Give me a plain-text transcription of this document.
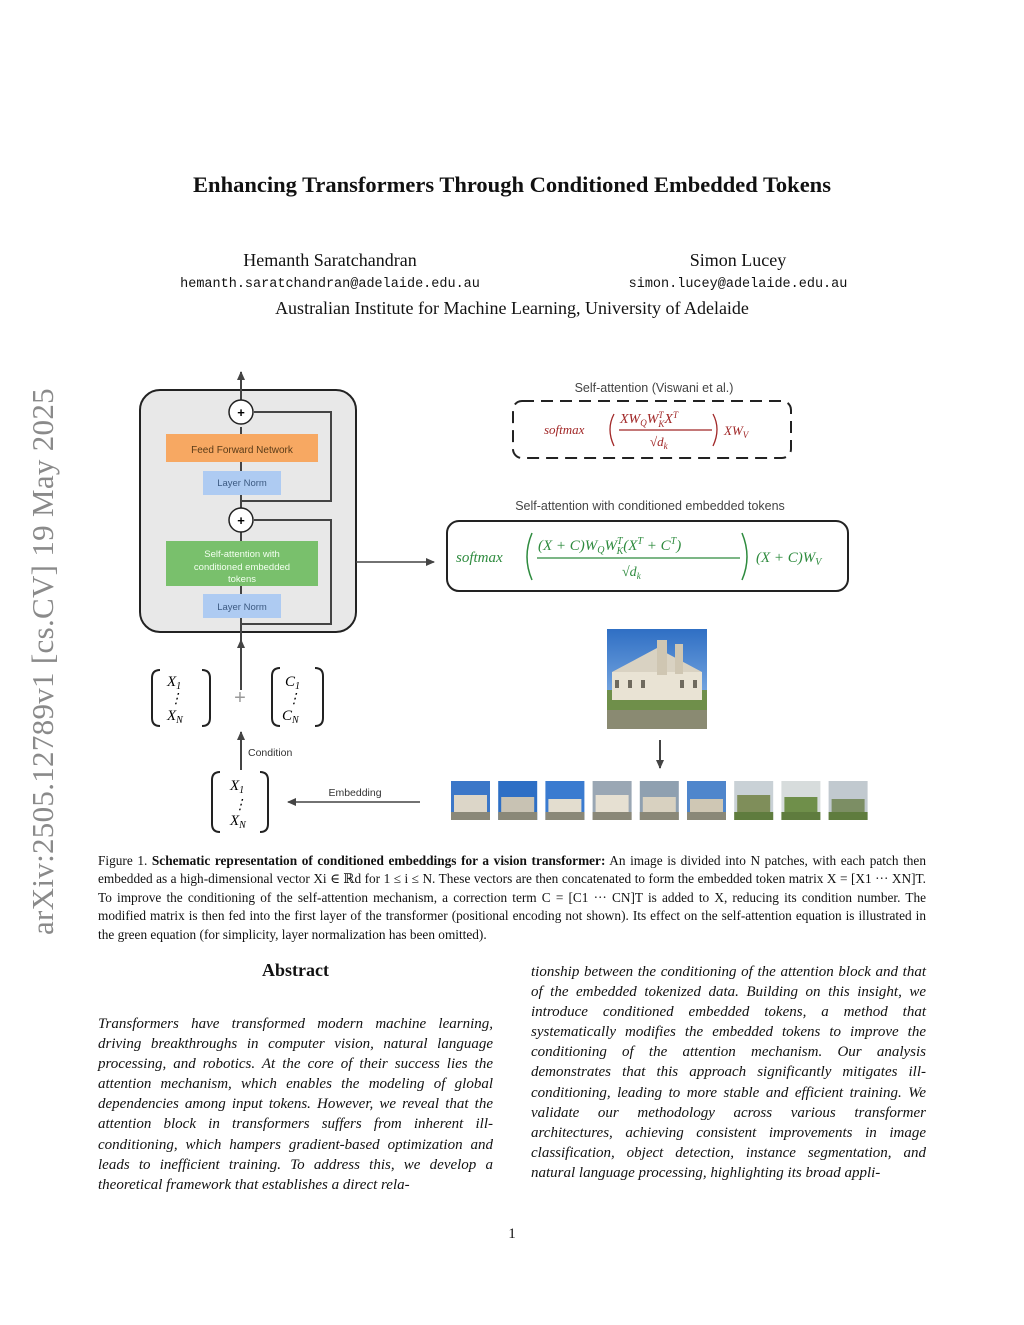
Enhancing Transformers Through Conditioned Embedded Tokens
Hemanth Saratchandran
hemanth.saratchandran@adelaide.edu.au
Simon Lucey
simon.lucey@adelaide.edu.au
Australian Institute for Machine Learning, University of Adelaide
arXiv:2505.12789v1 [cs.CV] 19 May 2025	+
+
Feed Forward Network
Layer Norm
Self-attention with
conditioned embedded
tokens
Layer Norm
$X_1$
⋮
$X_N$
+
$C_1$
⋮
$C_N$
Condition
$X_1$
⋮
$X_N$
Embedding
Self-attention (Viswani et al.)
softmax
$XW_QW^T$ $KX^T$
$√d_k$
$XW_V$
Self-attention with conditioned embedded tokens
softmax
$(X + C)W_QW^T$ $K(X^T + C^T)$
$√d_k$
$(X + C)W_V$
Figure 1. Schematic representation of conditioned embeddings for a vision transformer: An image is divided into N patches, with each patch then embedded as a high-dimensional vector Xi ∈ ℝd for 1 ≤ i ≤ N. These vectors are then concatenated to form the embedded token matrix X = [X1 ··· XN]T. To improve the conditioning of the self-attention mechanism, a correction term C = [C1 ··· CN]T is added to X, reducing its condition number. The modified matrix is then fed into the first layer of the transformer (positional encoding not shown). Its effect on the self-attention equation is illustrated in the green equation (for simplicity, layer normalization has been omitted).
Abstract
Transformers have transformed modern machine learning, driving breakthroughs in computer vision, natural language processing, and robotics. At the core of their success lies the attention mechanism, which enables the modeling of global dependencies among input tokens. However, we reveal that the attention block in transformers suffers from inherent ill-conditioning, which hampers gradient-based optimization and leads to inefficient training. To address this, we develop a theoretical framework that establishes a direct rela-
tionship between the conditioning of the attention block and that of the embedded tokenized data. Building on this insight, we introduce conditioned embedded tokens, a method that systematically modifies the embedded tokens to improve the conditioning of the attention mechanism. Our analysis demonstrates that this approach significantly mitigates ill-conditioning, leading to more stable and efficient training. We validate our methodology across various transformer architectures, achieving consistent improvements in image classification, object detection, instance segmentation, and natural language processing, highlighting its broad appli-
1
